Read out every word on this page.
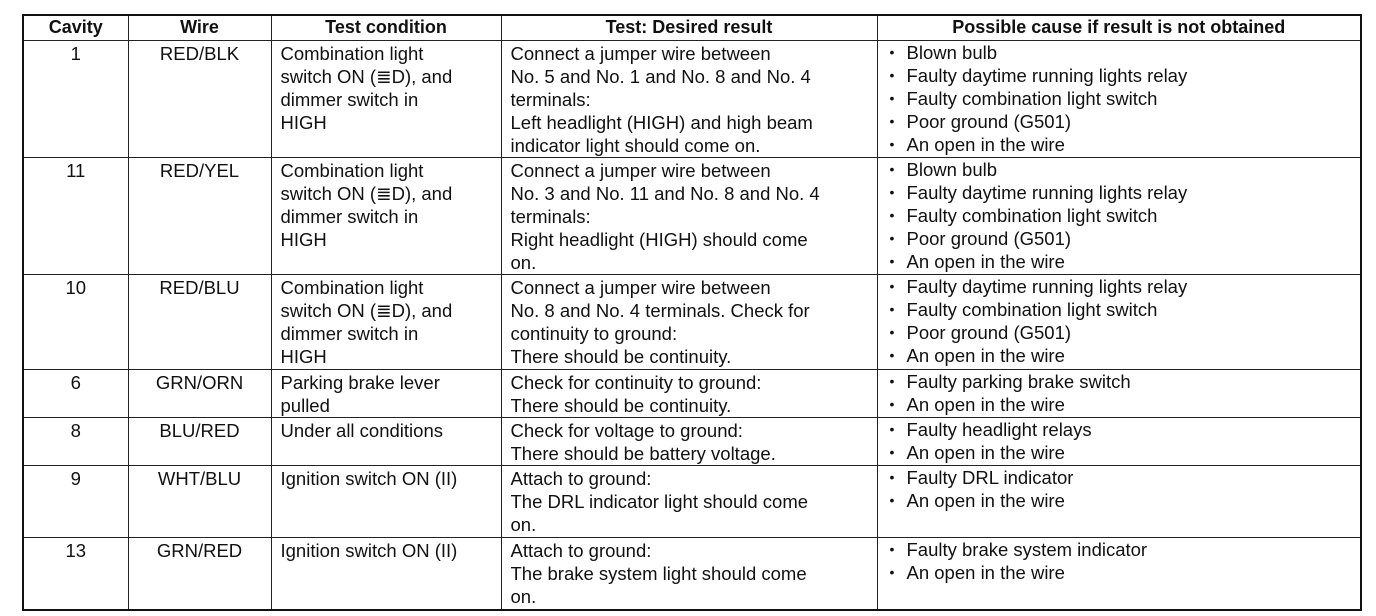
Cavity	Wire	Test condition	Test: Desired result	Possible cause if result is not obtained
1	RED/BLK	Combination light
switch ON (≣D), and
dimmer switch in
HIGH	Connect a jumper wire between
No. 5 and No. 1 and No. 8 and No. 4
terminals:
Left headlight (HIGH) and high beam
indicator light should come on.	• Blown bulb
• Faulty daytime running lights relay
• Faulty combination light switch
• Poor ground (G501)
• An open in the wire

11	RED/YEL	Combination light
switch ON (≣D), and
dimmer switch in
HIGH	Connect a jumper wire between
No. 3 and No. 11 and No. 8 and No. 4
terminals:
Right headlight (HIGH) should come
on.	• Blown bulb
• Faulty daytime running lights relay
• Faulty combination light switch
• Poor ground (G501)
• An open in the wire

10	RED/BLU	Combination light
switch ON (≣D), and
dimmer switch in
HIGH	Connect a jumper wire between
No. 8 and No. 4 terminals. Check for
continuity to ground:
There should be continuity.	• Faulty daytime running lights relay
• Faulty combination light switch
• Poor ground (G501)
• An open in the wire

6	GRN/ORN	Parking brake lever
pulled	Check for continuity to ground:
There should be continuity.	• Faulty parking brake switch
• An open in the wire

8	BLU/RED	Under all conditions	Check for voltage to ground:
There should be battery voltage.	• Faulty headlight relays
• An open in the wire

9	WHT/BLU	Ignition switch ON (II)	Attach to ground:
The DRL indicator light should come
on.	• Faulty DRL indicator
• An open in the wire

13	GRN/RED	Ignition switch ON (II)	Attach to ground:
The brake system light should come
on.	• Faulty brake system indicator
• An open in the wire
